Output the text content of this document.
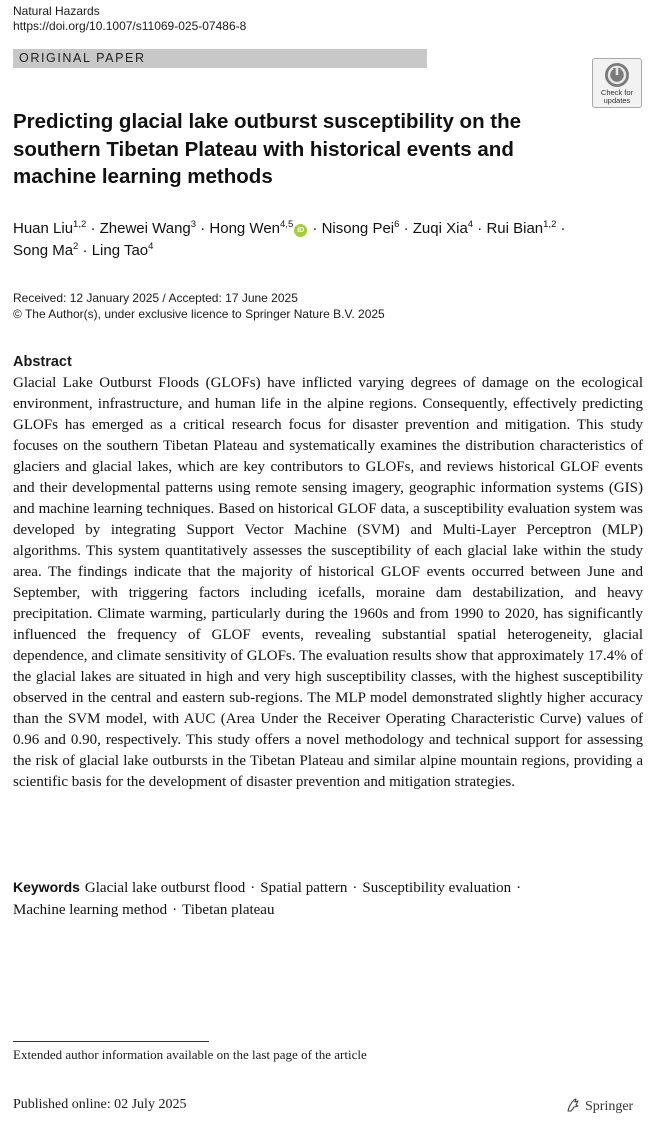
Natural Hazards
https://doi.org/10.1007/s11069-025-07486-8
ORIGINAL PAPER
Check for
updates
Predicting glacial lake outburst susceptibility on the southern Tibetan Plateau with historical events and machine learning methods
Huan Liu$^{1,2}$ · Zhewei Wang$^3$ · Hong Wen$^{4,5}$iD · Nisong Pei$^6$ · Zuqi Xia$^4$ · Rui Bian$^{1,2}$ ·
Song $Ma^2$ · Ling Tao$^4$
Received: 12 January 2025 / Accepted: 17 June 2025
© The Author(s), under exclusive licence to Springer Nature B.V. 2025
Abstract
Glacial Lake Outburst Floods (GLOFs) have inflicted varying degrees of damage on the ecological environment, infrastructure, and human life in the alpine regions. Consequently, effectively predicting GLOFs has emerged as a critical research focus for disaster prevention and mitigation. This study focuses on the southern Tibetan Plateau and systematically examines the distribution characteristics of glaciers and glacial lakes, which are key contributors to GLOFs, and reviews historical GLOF events and their developmental patterns using remote sensing imagery, geographic information systems (GIS) and machine learning techniques. Based on historical GLOF data, a susceptibility evaluation system was developed by integrating Support Vector Machine (SVM) and Multi-Layer Perceptron (MLP) algorithms. This system quantitatively assesses the susceptibility of each glacial lake within the study area. The findings indicate that the majority of historical GLOF events occurred between June and September, with triggering factors including icefalls, moraine dam destabilization, and heavy precipitation. Climate warming, particularly during the 1960s and from 1990 to 2020, has significantly influenced the frequency of GLOF events, revealing substantial spatial heterogeneity, glacial dependence, and climate sensitivity of GLOFs. The evaluation results show that approximately 17.4% of the glacial lakes are situated in high and very high susceptibility classes, with the highest susceptibility observed in the central and eastern sub-regions. The MLP model demonstrated slightly higher accuracy than the SVM model, with AUC (Area Under the Receiver Operating Characteristic Curve) values of 0.96 and 0.90, respectively. This study offers a novel methodology and technical support for assessing the risk of glacial lake outbursts in the Tibetan Plateau and similar alpine mountain regions, providing a scientific basis for the development of disaster prevention and mitigation strategies.
Keywords Glacial lake outburst flood · Spatial pattern · Susceptibility evaluation ·
Machine learning method · Tibetan plateau
Extended author information available on the last page of the article
Published online: 02 July 2025	Springer
